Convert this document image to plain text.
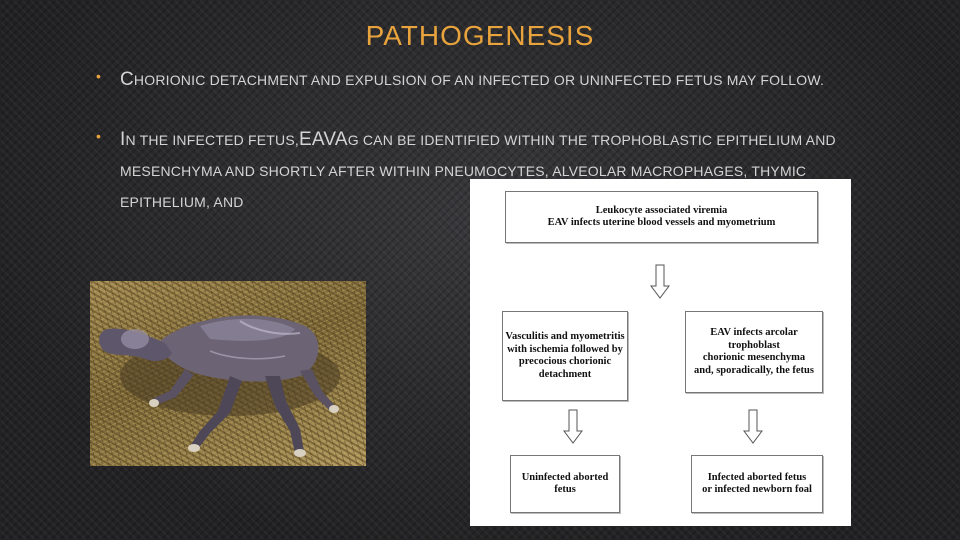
PATHOGENESIS
• CHORIONIC DETACHMENT AND EXPULSION OF AN INFECTED OR UNINFECTED FETUS MAY FOLLOW.
• IN THE INFECTED FETUS,EAVAG CAN BE IDENTIFIED WITHIN THE TROPHOBLASTIC EPITHELIUM AND MESENCHYMA AND SHORTLY AFTER WITHIN PNEUMOCYTES, ALVEOLAR MACROPHAGES, THYMIC EPITHELIUM, AND	Leukocyte associated viremia
EAV infects uterine blood vessels and myometrium
Vasculitis and myometritis
with ischemia followed by
precocious chorionic
detachment
EAV infects arcolar
trophoblast
chorionic mesenchyma
and, sporadically, the fetus
Uninfected aborted
fetus
Infected aborted fetus
or infected newborn foal
